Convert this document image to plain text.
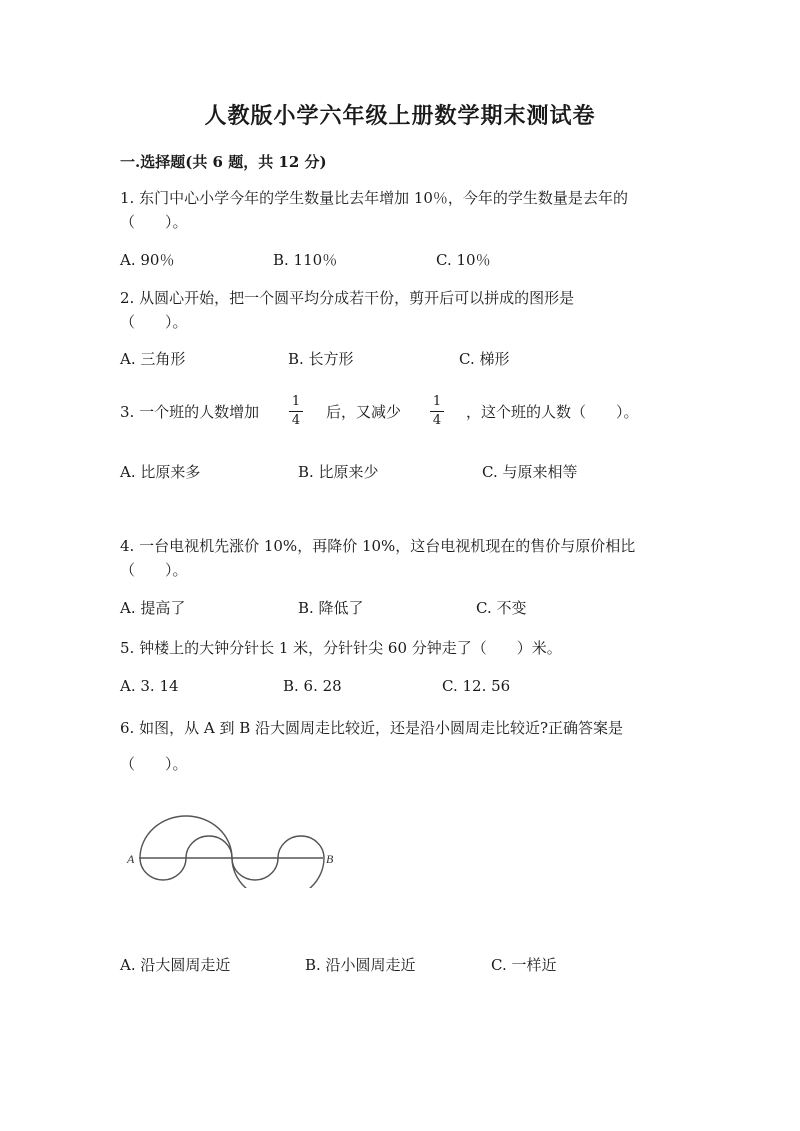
人教版小学六年级上册数学期末测试卷
一.选择题(共 6 题，共 12 分)
1. 东门中心小学今年的学生数量比去年增加 10％，今年的学生数量是去年的
（　　）。
A. 90％	B. 110％	C. 10％
2. 从圆心开始，把一个圆平均分成若干份，剪开后可以拼成的图形是
（　　）。
A. 三角形	B. 长方形	C. 梯形
3. 一个班的人数增加 $\frac{1}{4}$ 后，又减少 $\frac{1}{4}$ ，这个班的人数（　　）。
A. 比原来多	B. 比原来少	C. 与原来相等
4. 一台电视机先涨价 10%，再降价 10%，这台电视机现在的售价与原价相比
（　　）。
A. 提高了	B. 降低了	C. 不变
5. 钟楼上的大钟分针长 1 米，分针针尖 60 分钟走了（　　）米。
A. 3. 14	B. 6. 28	C. 12. 56
6. 如图，从 A 到 B 沿大圆周走比较近，还是沿小圆周走比较近?正确答案是
（　　）。
A	B
A. 沿大圆周走近	B. 沿小圆周走近	C. 一样近
